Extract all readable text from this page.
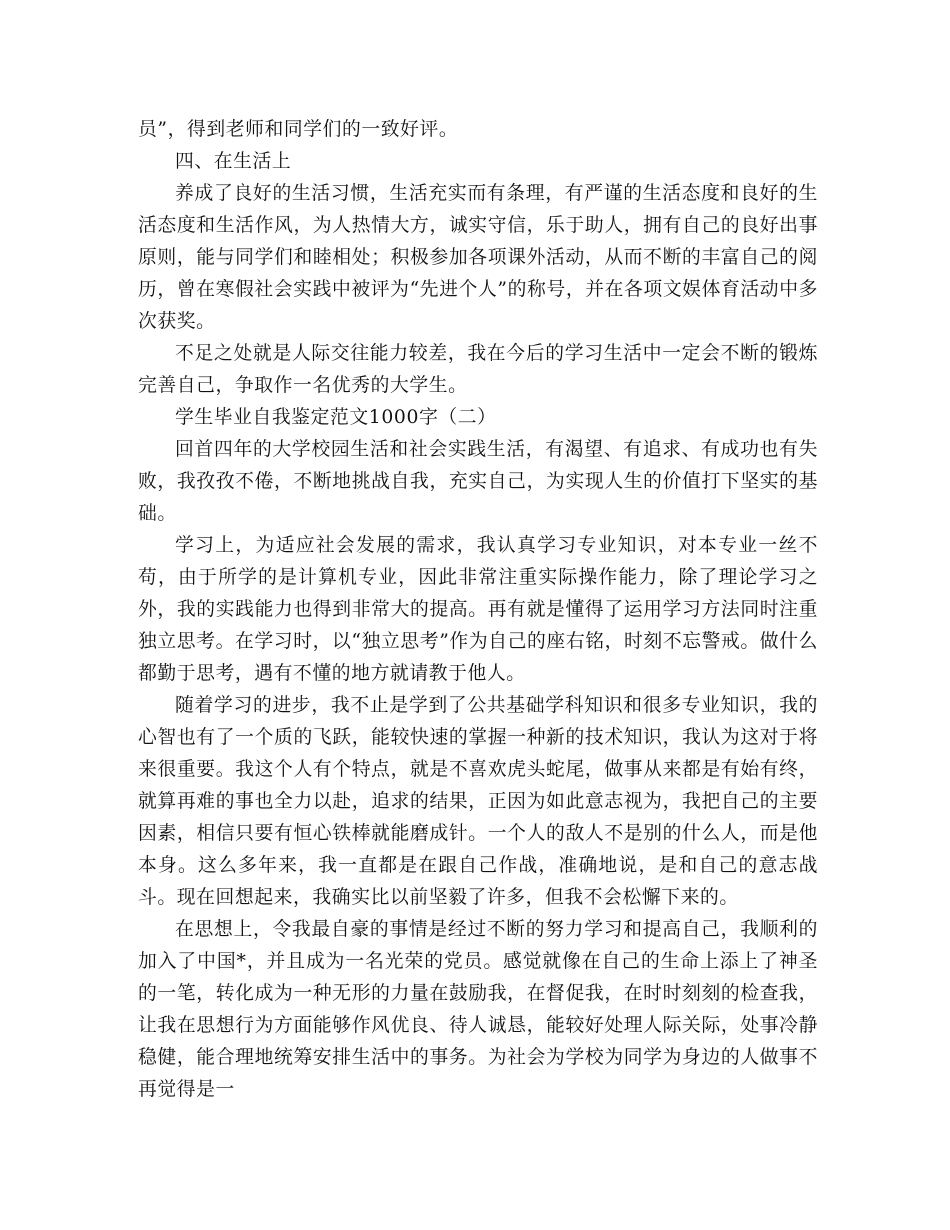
员”，得到老师和同学们的一致好评。

四、在生活上

养成了良好的生活习惯，生活充实而有条理，有严谨的生活态度和良好的生活态度和生活作风，为人热情大方，诚实守信，乐于助人，拥有自己的良好出事原则，能与同学们和睦相处；积极参加各项课外活动，从而不断的丰富自己的阅历，曾在寒假社会实践中被评为“先进个人”的称号，并在各项文娱体育活动中多次获奖。

不足之处就是人际交往能力较差，我在今后的学习生活中一定会不断的锻炼完善自己，争取作一名优秀的大学生。

学生毕业自我鉴定范文1000字（二）

回首四年的大学校园生活和社会实践生活，有渴望、有追求、有成功也有失败，我孜孜不倦，不断地挑战自我，充实自己，为实现人生的价值打下坚实的基础。

学习上，为适应社会发展的需求，我认真学习专业知识，对本专业一丝不苟，由于所学的是计算机专业，因此非常注重实际操作能力，除了理论学习之外，我的实践能力也得到非常大的提高。再有就是懂得了运用学习方法同时注重独立思考。在学习时，以“独立思考”作为自己的座右铭，时刻不忘警戒。做什么都勤于思考，遇有不懂的地方就请教于他人。

随着学习的进步，我不止是学到了公共基础学科知识和很多专业知识，我的心智也有了一个质的飞跃，能较快速的掌握一种新的技术知识，我认为这对于将来很重要。我这个人有个特点，就是不喜欢虎头蛇尾，做事从来都是有始有终，就算再难的事也全力以赴，追求的结果，正因为如此意志视为，我把自己的主要因素，相信只要有恒心铁棒就能磨成针。一个人的敌人不是别的什么人，而是他本身。这么多年来，我一直都是在跟自己作战，准确地说，是和自己的意志战斗。现在回想起来，我确实比以前坚毅了许多，但我不会松懈下来的。

在思想上，令我最自豪的事情是经过不断的努力学习和提高自己，我顺利的加入了中国*，并且成为一名光荣的党员。感觉就像在自己的生命上添上了神圣的一笔，转化成为一种无形的力量在鼓励我，在督促我，在时时刻刻的检查我，让我在思想行为方面能够作风优良、待人诚恳，能较好处理人际关际，处事冷静稳健，能合理地统筹安排生活中的事务。为社会为学校为同学为身边的人做事不再觉得是一
